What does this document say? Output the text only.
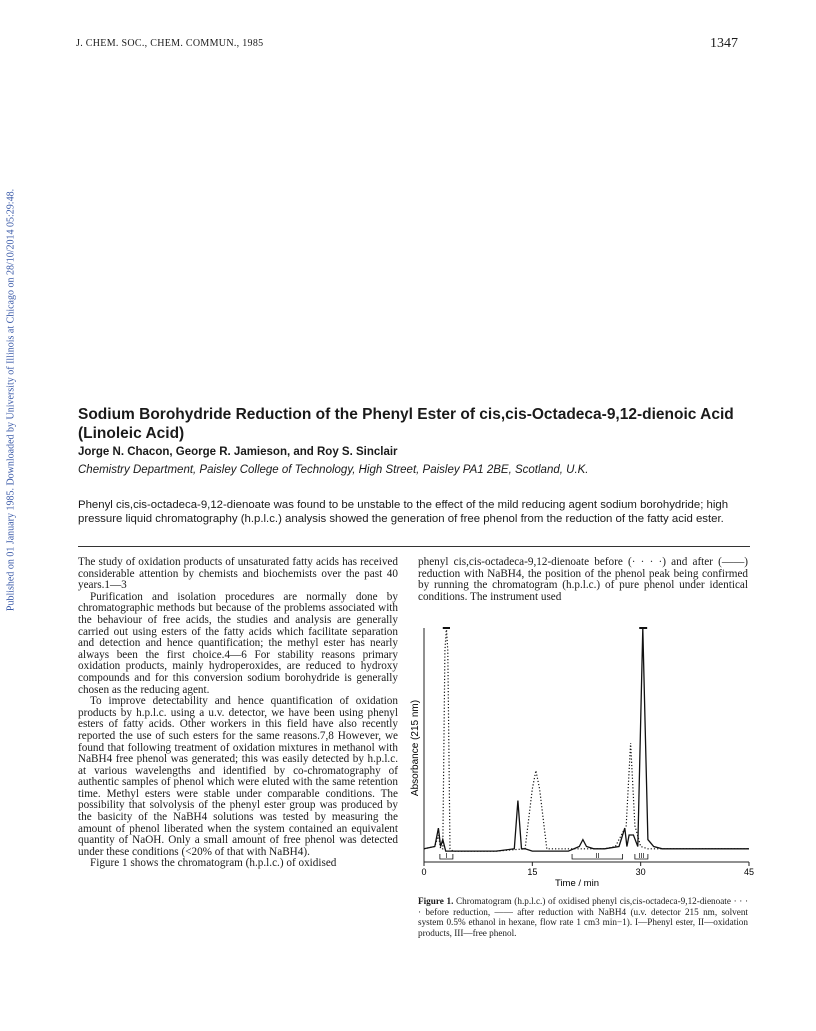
Published on 01 January 1985. Downloaded by University of Illinois at Chicago on 28/10/2014 05:29:48.
J. CHEM. SOC., CHEM. COMMUN., 1985	1347
Sodium Borohydride Reduction of the Phenyl Ester of cis,cis-Octadeca-9,12-dienoic Acid (Linoleic Acid)
Jorge N. Chacon, George R. Jamieson, and Roy S. Sinclair
Chemistry Department, Paisley College of Technology, High Street, Paisley PA1 2BE, Scotland, U.K.
Phenyl cis,cis-octadeca-9,12-dienoate was found to be unstable to the effect of the mild reducing agent sodium borohydride; high pressure liquid chromatography (h.p.l.c.) analysis showed the generation of free phenol from the reduction of the fatty acid ester.

The study of oxidation products of unsaturated fatty acids has received considerable attention by chemists and biochemists over the past 40 years.1—3

Purification and isolation procedures are normally done by chromatographic methods but because of the problems associated with the behaviour of free acids, the studies and analysis are generally carried out using esters of the fatty acids which facilitate separation and detection and hence quantification; the methyl ester has nearly always been the first choice.4—6 For stability reasons primary oxidation products, mainly hydroperoxides, are reduced to hydroxy compounds and for this conversion sodium borohydride is generally chosen as the reducing agent.

To improve detectability and hence quantification of oxidation products by h.p.l.c. using a u.v. detector, we have been using phenyl esters of fatty acids. Other workers in this field have also recently reported the use of such esters for the same reasons.7,8 However, we found that following treatment of oxidation mixtures in methanol with NaBH4 free phenol was generated; this was easily detected by h.p.l.c. at various wavelengths and identified by co-chromatography of authentic samples of phenol which were eluted with the same retention time. Methyl esters were stable under comparable conditions. The possibility that solvolysis of the phenyl ester group was produced by the basicity of the NaBH4 solutions was tested by measuring the amount of phenol liberated when the system contained an equivalent quantity of NaOH. Only a small amount of free phenol was detected under these conditions (<20% of that with NaBH4).

Figure 1 shows the chromatogram (h.p.l.c.) of oxidised

phenyl cis,cis-octadeca-9,12-dienoate before (· · · ·) and after (——) reduction with NaBH4, the position of the phenol peak being confirmed by running the chromatogram (h.p.l.c.) of pure phenol under identical conditions. The instrument used

0	15	30	45
I	II	III
Absorbance (215 nm)
Time / min
Figure 1. Chromatogram (h.p.l.c.) of oxidised phenyl cis,cis-octadeca-9,12-dienoate · · · · before reduction, —— after reduction with NaBH4 (u.v. detector 215 nm, solvent system 0.5% ethanol in hexane, flow rate 1 cm3 min−1). I—Phenyl ester, II—oxidation products, III—free phenol.
